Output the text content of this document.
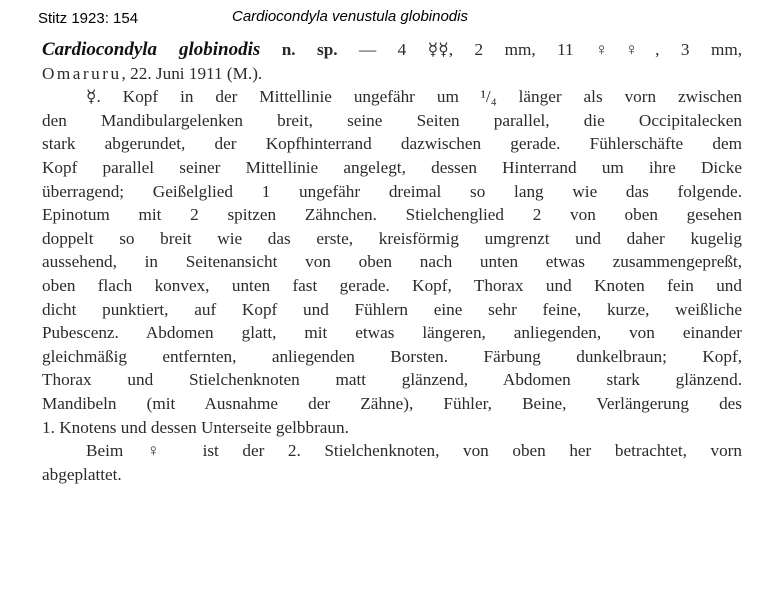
Stitz 1923: 154	Cardiocondyla venustula globinodis
Cardiocondyla globinodis n. sp. — 4 ☿☿, 2 mm, 11 ♀♀, 3 mm,
Omaruru, 22. Juni 1911 (M.).
☿. Kopf in der Mittellinie ungefähr um ¹/₄ länger als vorn zwischen
den Mandibulargelenken breit, seine Seiten parallel, die Occipitalecken
stark abgerundet, der Kopfhinterrand dazwischen gerade. Fühlerschäfte dem
Kopf parallel seiner Mittellinie angelegt, dessen Hinterrand um ihre Dicke
überragend; Geißelglied 1 ungefähr dreimal so lang wie das folgende.
Epinotum mit 2 spitzen Zähnchen. Stielchenglied 2 von oben gesehen
doppelt so breit wie das erste, kreisförmig umgrenzt und daher kugelig
aussehend, in Seitenansicht von oben nach unten etwas zusammengepreßt,
oben flach konvex, unten fast gerade. Kopf, Thorax und Knoten fein und
dicht punktiert, auf Kopf und Fühlern eine sehr feine, kurze, weißliche
Pubescenz. Abdomen glatt, mit etwas längeren, anliegenden, von einander
gleichmäßig entfernten, anliegenden Borsten. Färbung dunkelbraun; Kopf,
Thorax und Stielchenknoten matt glänzend, Abdomen stark glänzend.
Mandibeln (mit Ausnahme der Zähne), Fühler, Beine, Verlängerung des
1. Knotens und dessen Unterseite gelbbraun.
Beim ♀ ist der 2. Stielchenknoten, von oben her betrachtet, vorn
abgeplattet.
